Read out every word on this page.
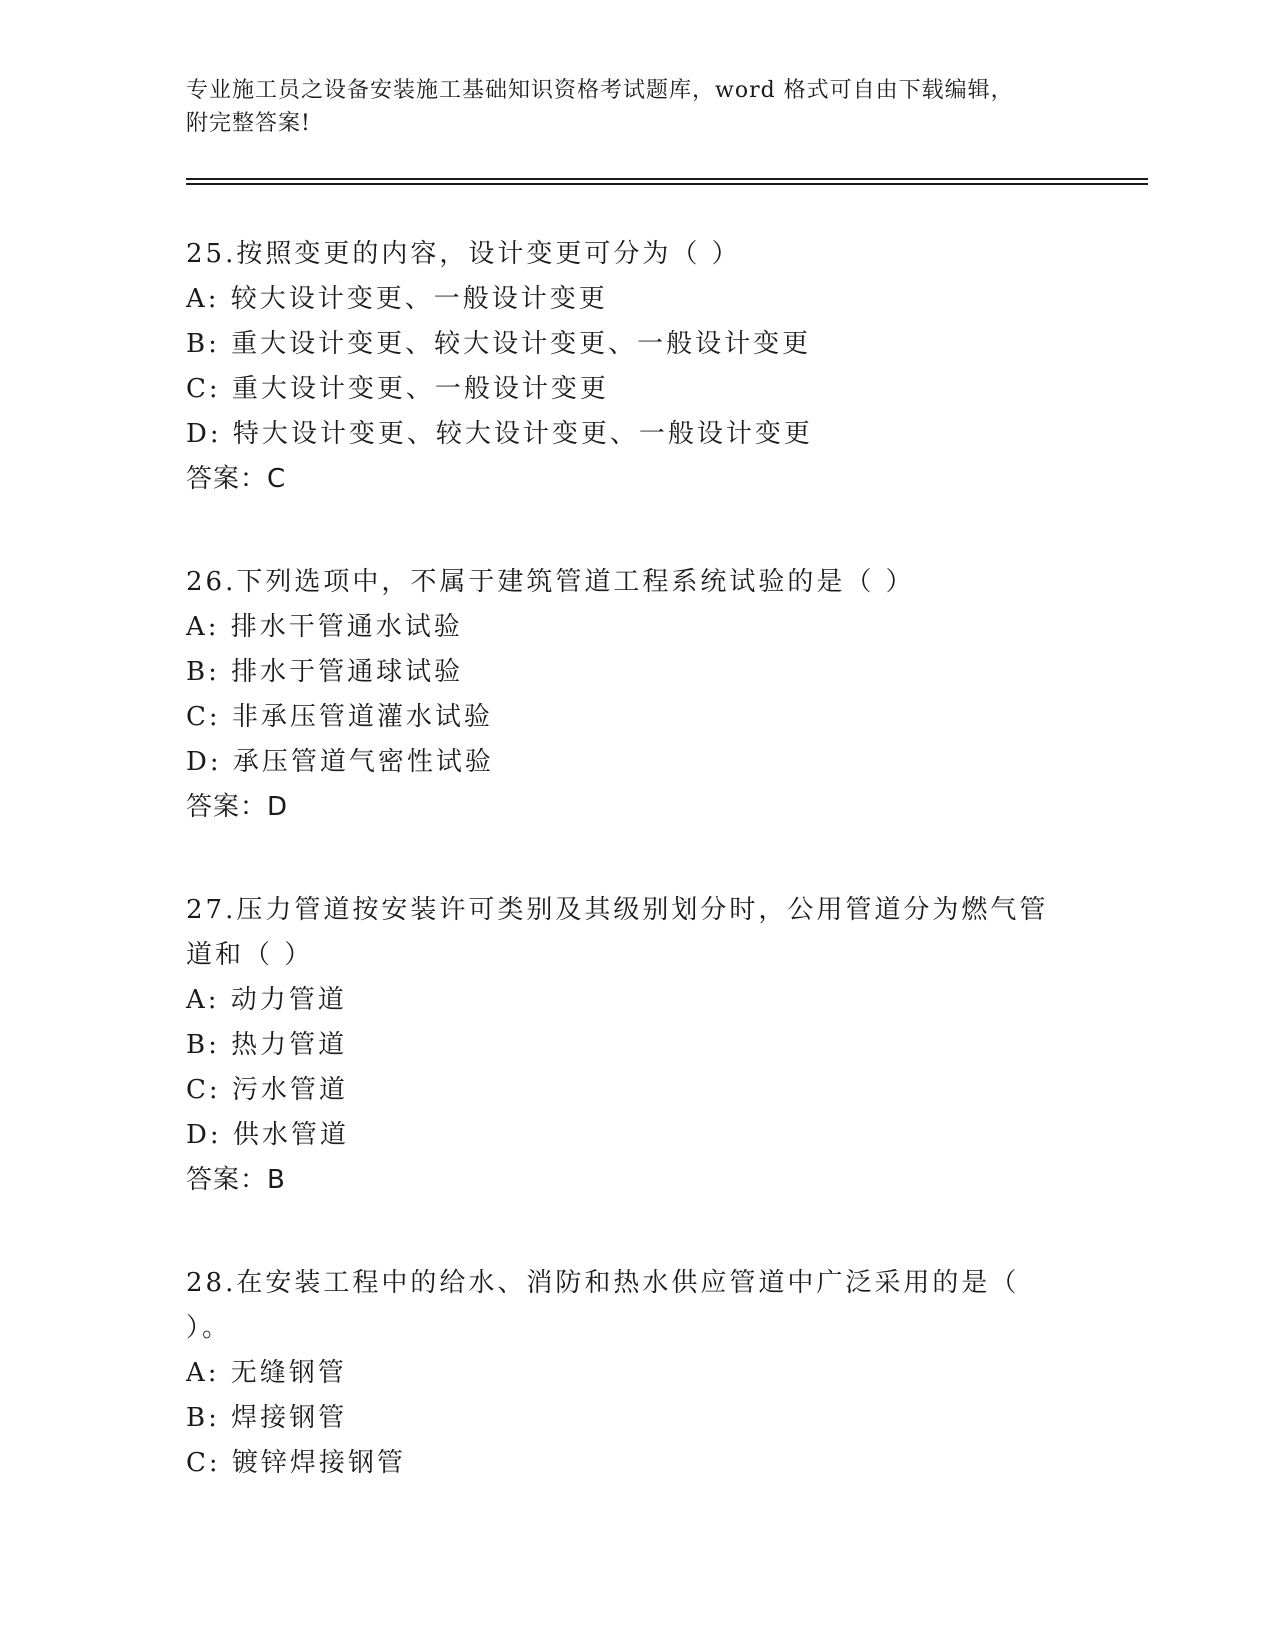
专业施工员之设备安装施工基础知识资格考试题库，word 格式可自由下载编辑，
附完整答案!
25.按照变更的内容，设计变更可分为（ ）
A: 较大设计变更、一般设计变更
B: 重大设计变更、较大设计变更、一般设计变更
C: 重大设计变更、一般设计变更
D: 特大设计变更、较大设计变更、一般设计变更
答案：C
26.下列选项中，不属于建筑管道工程系统试验的是（ ）
A: 排水干管通水试验
B: 排水于管通球试验
C: 非承压管道灌水试验
D: 承压管道气密性试验
答案：D
27.压力管道按安装许可类别及其级别划分时，公用管道分为燃气管道和（ ）
A: 动力管道
B: 热力管道
C: 污水管道
D: 供水管道
答案：B
28.在安装工程中的给水、消防和热水供应管道中广泛采用的是（ ）。
A: 无缝钢管
B: 焊接钢管
C: 镀锌焊接钢管
